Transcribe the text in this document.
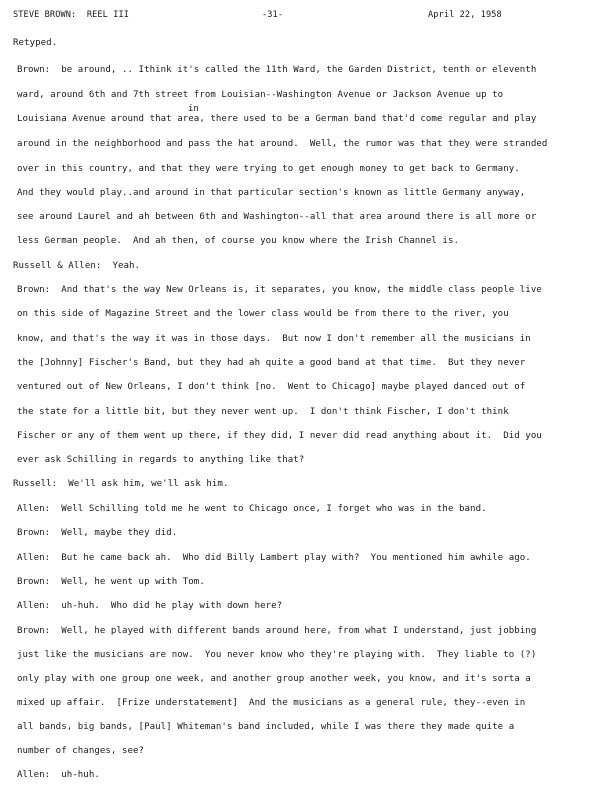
STEVE BROWN:  REEL III	-31-	April 22, 1958
in
Retyped.
Brown:  be around, .. Ithink it's called the 11th Ward, the Garden District, tenth or eleventh
ward, around 6th and 7th street from Louisian--Washington Avenue or Jackson Avenue up to
Louisiana Avenue around that area, there used to be a German band that'd come regular and play
around in the neighborhood and pass the hat around.  Well, the rumor was that they were stranded
over in this country, and that they were trying to get enough money to get back to Germany.
And they would play..and around in that particular section's known as little Germany anyway,
see around Laurel and ah between 6th and Washington--all that area around there is all more or
less German people.  And ah then, of course you know where the Irish Channel is.
Russell & Allen:  Yeah.
Brown:  And that's the way New Orleans is, it separates, you know, the middle class people live
on this side of Magazine Street and the lower class would be from there to the river, you
know, and that's the way it was in those days.  But now I don't remember all the musicians in
the [Johnny] Fischer's Band, but they had ah quite a good band at that time.  But they never
ventured out of New Orleans, I don't think [no.  Went to Chicago] maybe played danced out of
the state for a little bit, but they never went up.  I don't think Fischer, I don't think
Fischer or any of them went up there, if they did, I never did read anything about it.  Did you
ever ask Schilling in regards to anything like that?
Russell:  We'll ask him, we'll ask him.
Allen:  Well Schilling told me he went to Chicago once, I forget who was in the band.
Brown:  Well, maybe they did.
Allen:  But he came back ah.  Who did Billy Lambert play with?  You mentioned him awhile ago.
Brown:  Well, he went up with Tom.
Allen:  uh-huh.  Who did he play with down here?
Brown:  Well, he played with different bands around here, from what I understand, just jobbing
just like the musicians are now.  You never know who they're playing with.  They liable to (?)
only play with one group one week, and another group another week, you know, and it's sorta a
mixed up affair.  [Frize understatement]  And the musicians as a general rule, they--even in
all bands, big bands, [Paul] Whiteman's band included, while I was there they made quite a
number of changes, see?
Allen:  uh-huh.
